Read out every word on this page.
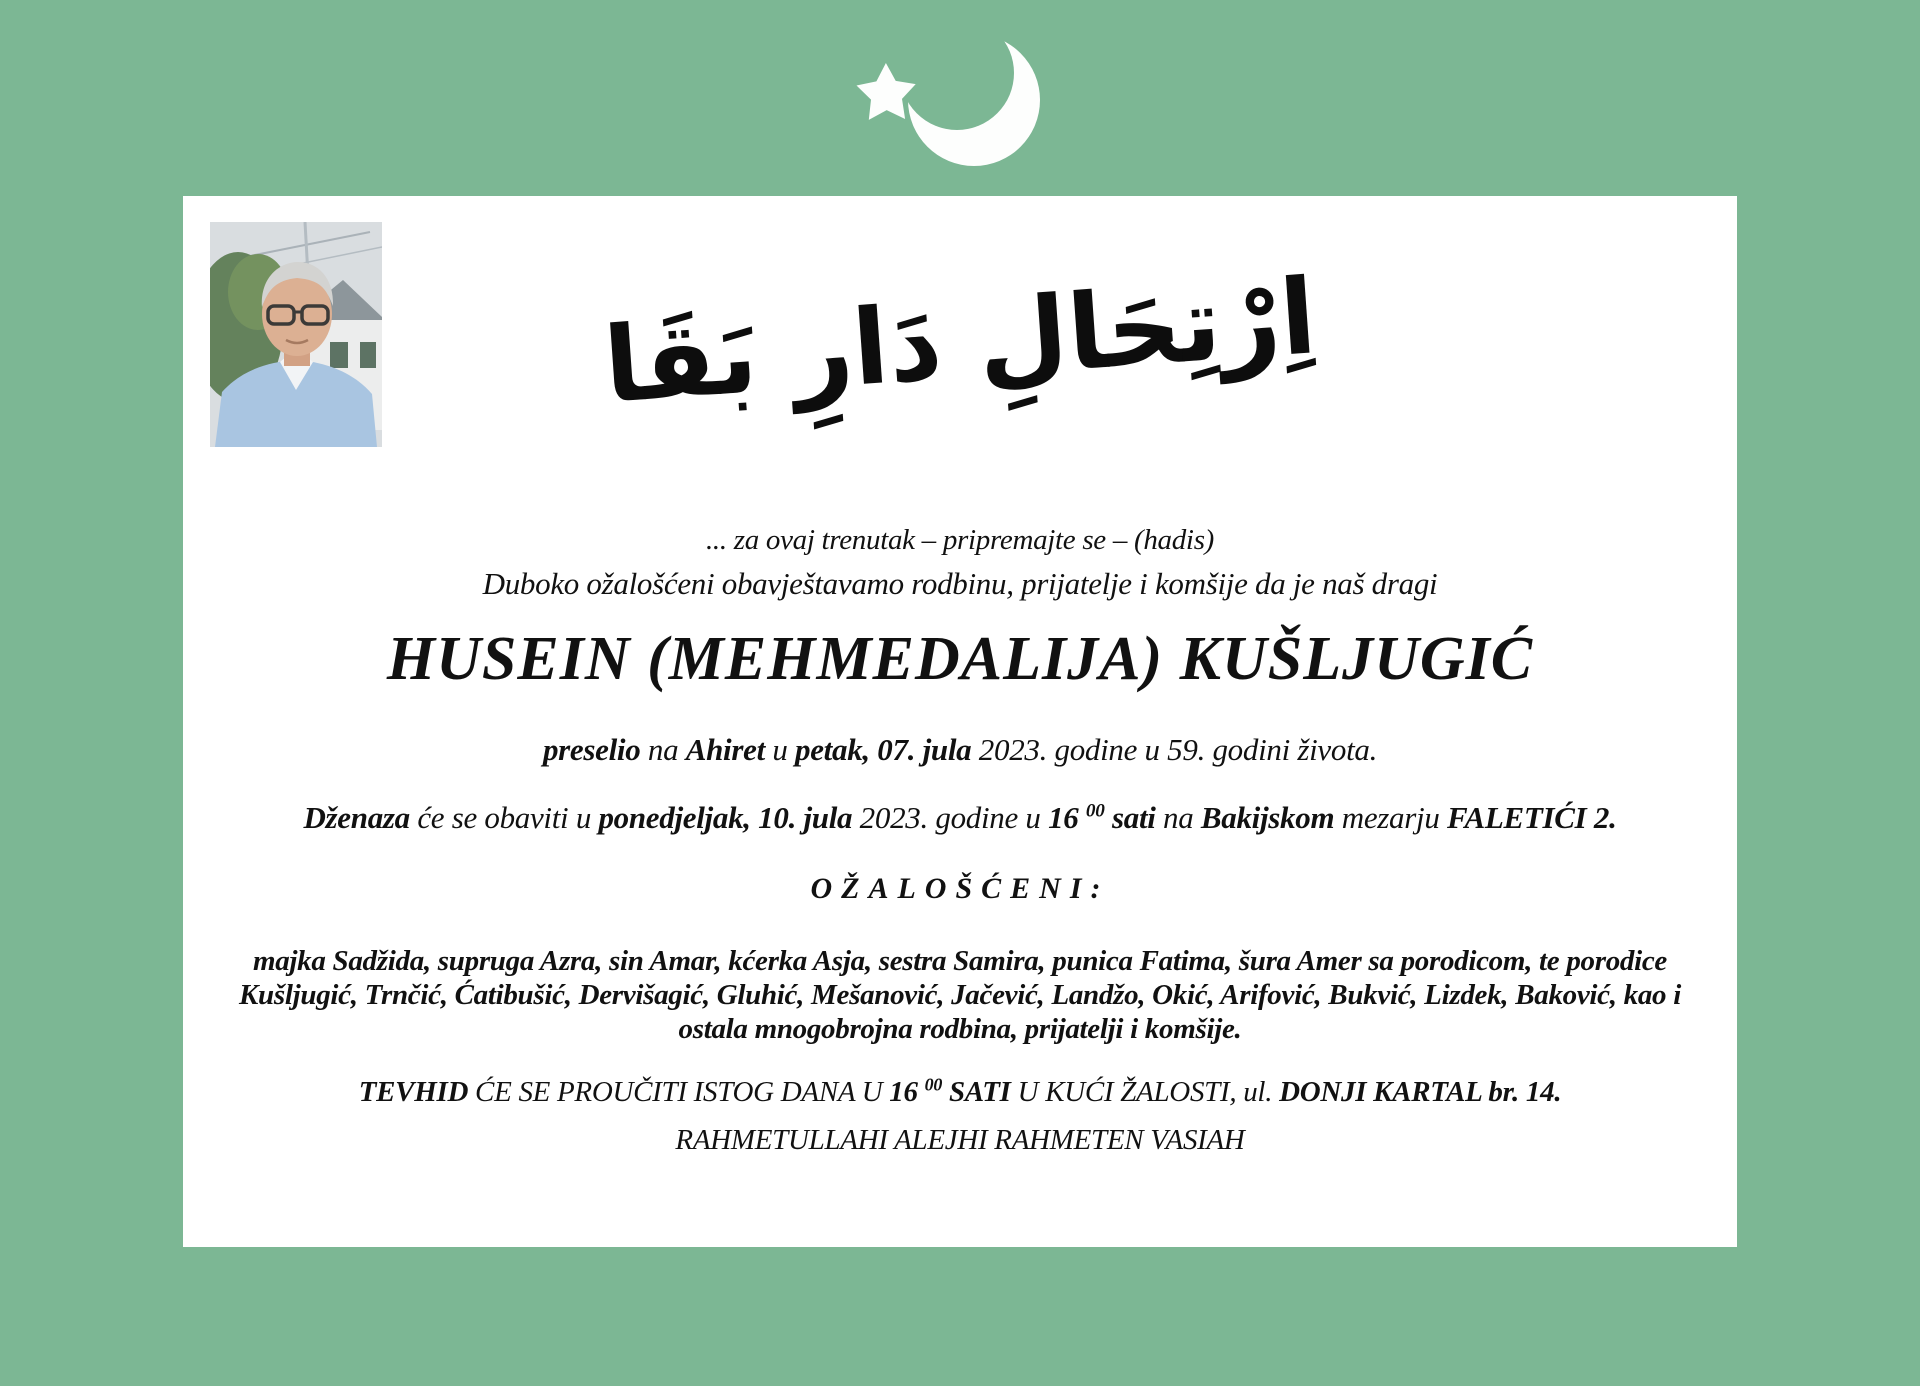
اِرْتِحَالِ دَارِ بَقَا
... za ovaj trenutak – pripremajte se – (hadis)
Duboko ožalošćeni obavještavamo rodbinu, prijatelje i komšije da je naš dragi
HUSEIN (MEHMEDALIJA) KUŠLJUGIĆ
preselio na Ahiret u petak, 07. jula 2023. godine u 59. godini života.
Dženaza će se obaviti u ponedjeljak, 10. jula 2023. godine u 16 $^{00}$ sati na Bakijskom mezarju FALETIĆI 2.
OŽALOŠĆENI:
majka Sadžida, supruga Azra, sin Amar, kćerka Asja, sestra Samira, punica Fatima, šura Amer sa porodicom, te porodice
Kušljugić, Trnčić, Ćatibušić, Dervišagić, Gluhić, Mešanović, Jačević, Landžo, Okić, Arifović, Bukvić, Lizdek, Baković, kao i
ostala mnogobrojna rodbina, prijatelji i komšije.
TEVHID ĆE SE PROUČITI ISTOG DANA U 16 $^{00}$ SATI U KUĆI ŽALOSTI, ul. DONJI KARTAL br. 14.
RAHMETULLAHI ALEJHI RAHMETEN VASIAH
